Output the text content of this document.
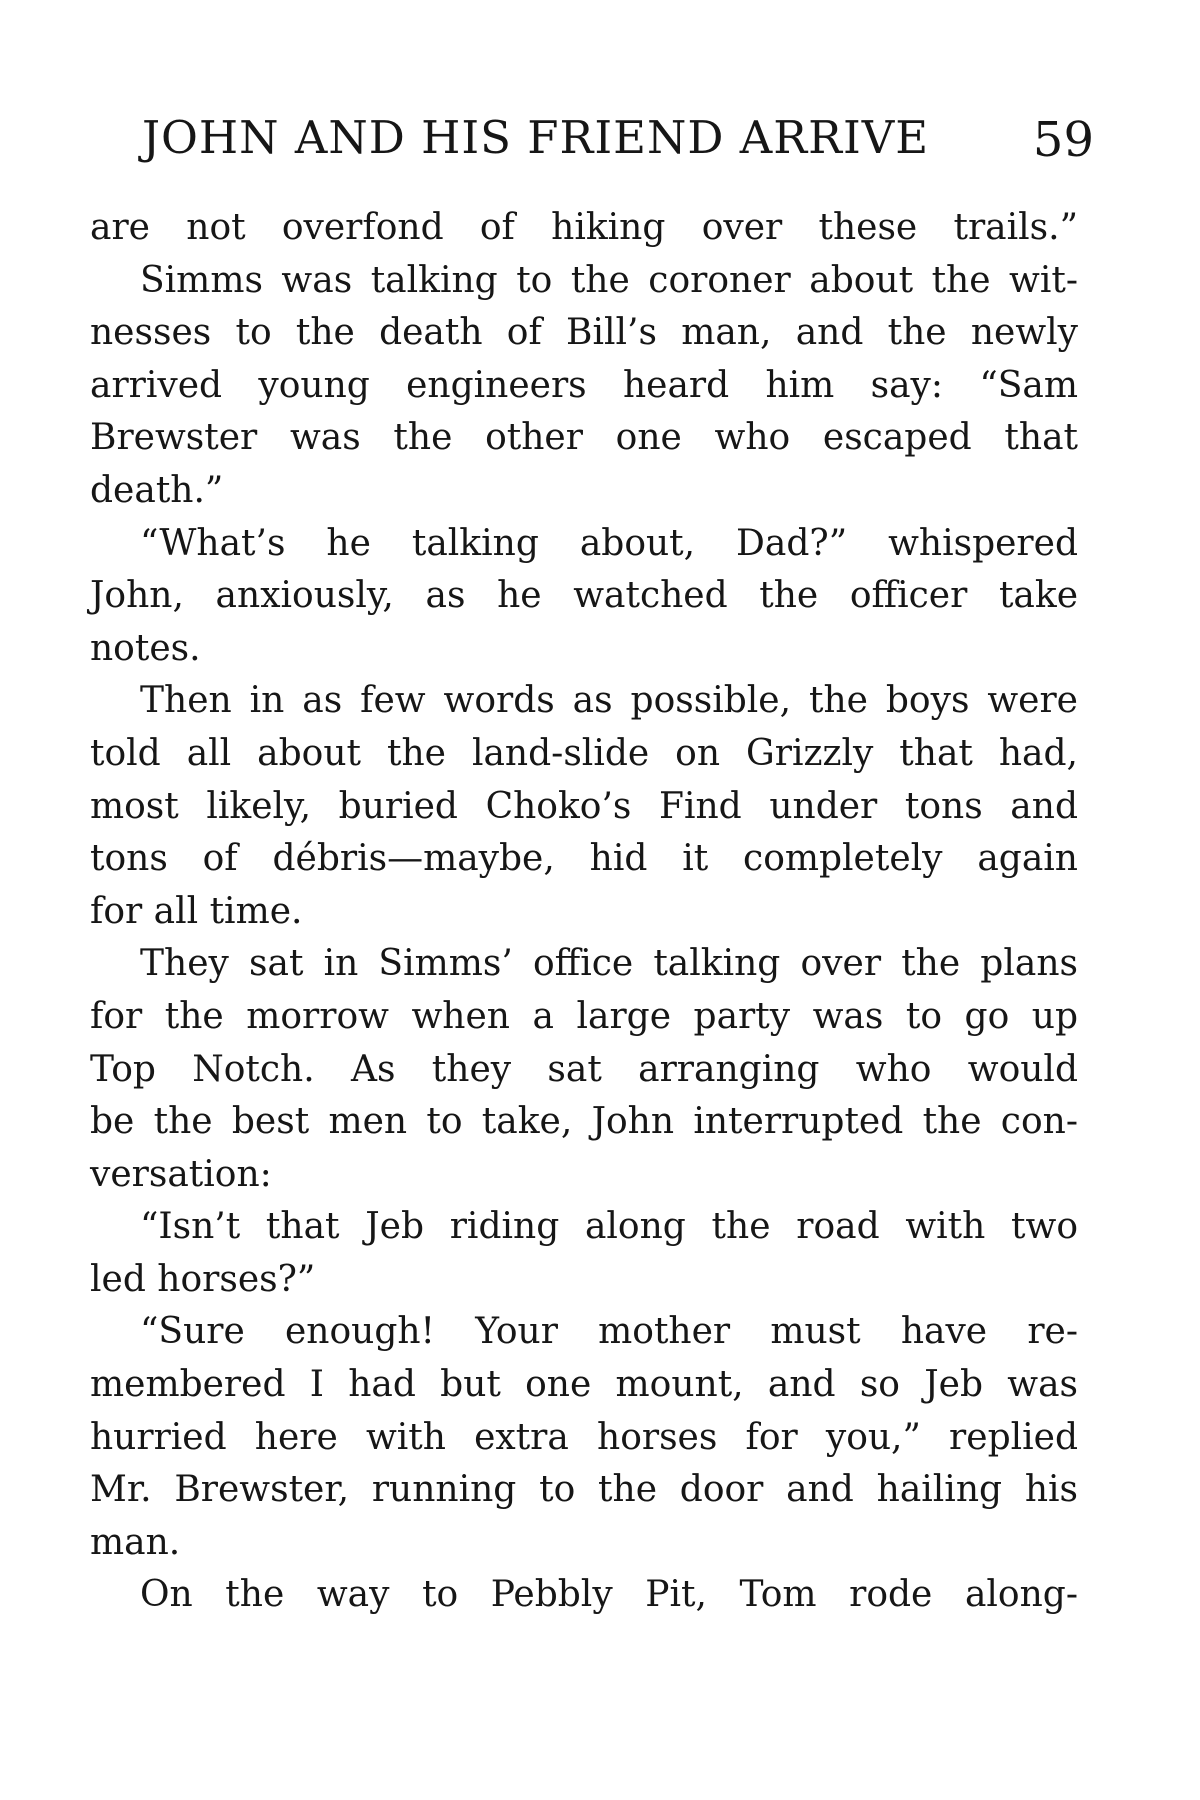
JOHN AND HIS FRIEND ARRIVE 59
are not overfond of hiking over these trails.”
Simms was talking to the coroner about the wit-
nesses to the death of Bill’s man, and the newly
arrived young engineers heard him say: “Sam
Brewster was the other one who escaped that
death.”
“What’s he talking about, Dad?” whispered
John, anxiously, as he watched the officer take
notes.
Then in as few words as possible, the boys were
told all about the land-slide on Grizzly that had,
most likely, buried Choko’s Find under tons and
tons of débris—maybe, hid it completely again
for all time.
They sat in Simms’ office talking over the plans
for the morrow when a large party was to go up
Top Notch. As they sat arranging who would
be the best men to take, John interrupted the con-
versation:
“Isn’t that Jeb riding along the road with two
led horses?”
“Sure enough! Your mother must have re-
membered I had but one mount, and so Jeb was
hurried here with extra horses for you,” replied
Mr. Brewster, running to the door and hailing his
man.
On the way to Pebbly Pit, Tom rode along-
